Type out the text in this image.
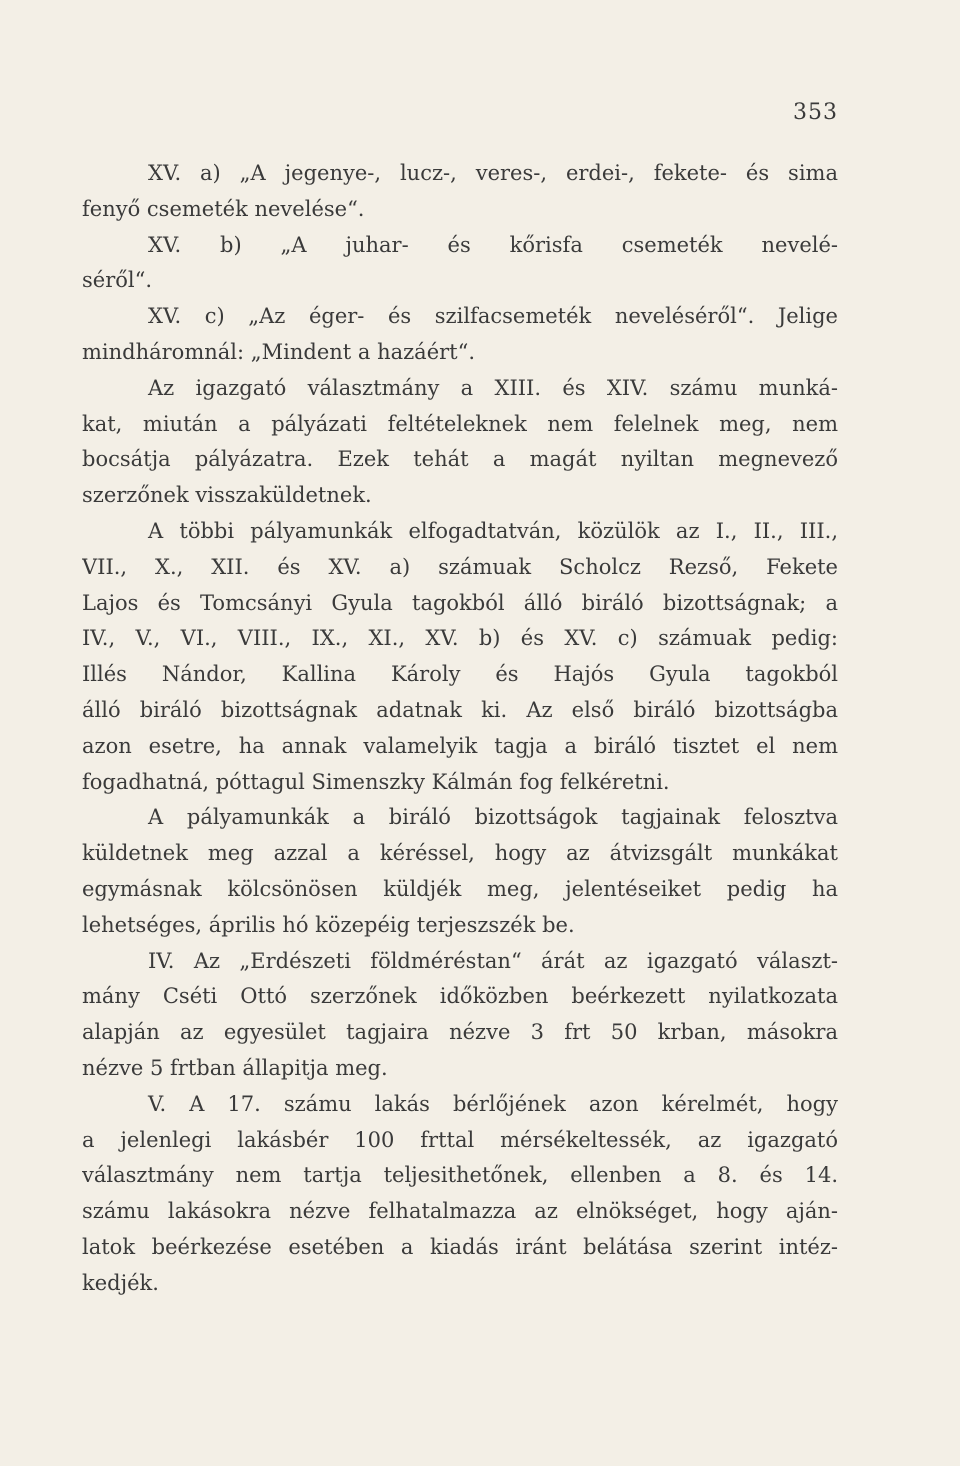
353
XV. a) „A jegenye-, lucz-, veres-, erdei-, fekete- és sima
fenyő csemeték nevelése“.
XV. b) „A juhar- és kőrisfa csemeték nevelé-
séről“.
XV. c) „Az éger- és szilfacsemeték neveléséről“. Jelige
mindháromnál: „Mindent a hazáért“.
Az igazgató választmány a XIII. és XIV. számu munká-
kat, miután a pályázati feltételeknek nem felelnek meg, nem
bocsátja pályázatra. Ezek tehát a magát nyiltan megnevező
szerzőnek visszaküldetnek.
A többi pályamunkák elfogadtatván, közülök az I., II., III.,
VII., X., XII. és XV. a) számuak Scholcz Rezső, Fekete
Lajos és Tomcsányi Gyula tagokból álló biráló bizottságnak; a
IV., V., VI., VIII., IX., XI., XV. b) és XV. c) számuak pedig:
Illés Nándor, Kallina Károly és Hajós Gyula tagokból
álló biráló bizottságnak adatnak ki. Az első biráló bizottságba
azon esetre, ha annak valamelyik tagja a biráló tisztet el nem
fogadhatná, póttagul Simenszky Kálmán fog felkéretni.
A pályamunkák a biráló bizottságok tagjainak felosztva
küldetnek meg azzal a kéréssel, hogy az átvizsgált munkákat
egymásnak kölcsönösen küldjék meg, jelentéseiket pedig ha
lehetséges, április hó közepéig terjeszszék be.
IV. Az „Erdészeti földméréstan“ árát az igazgató választ-
mány Cséti Ottó szerzőnek időközben beérkezett nyilatkozata
alapján az egyesület tagjaira nézve 3 frt 50 krban, másokra
nézve 5 frtban állapitja meg.
V. A 17. számu lakás bérlőjének azon kérelmét, hogy
a jelenlegi lakásbér 100 frttal mérsékeltessék, az igazgató
választmány nem tartja teljesithetőnek, ellenben a 8. és 14.
számu lakásokra nézve felhatalmazza az elnökséget, hogy aján-
latok beérkezése esetében a kiadás iránt belátása szerint intéz-
kedjék.
